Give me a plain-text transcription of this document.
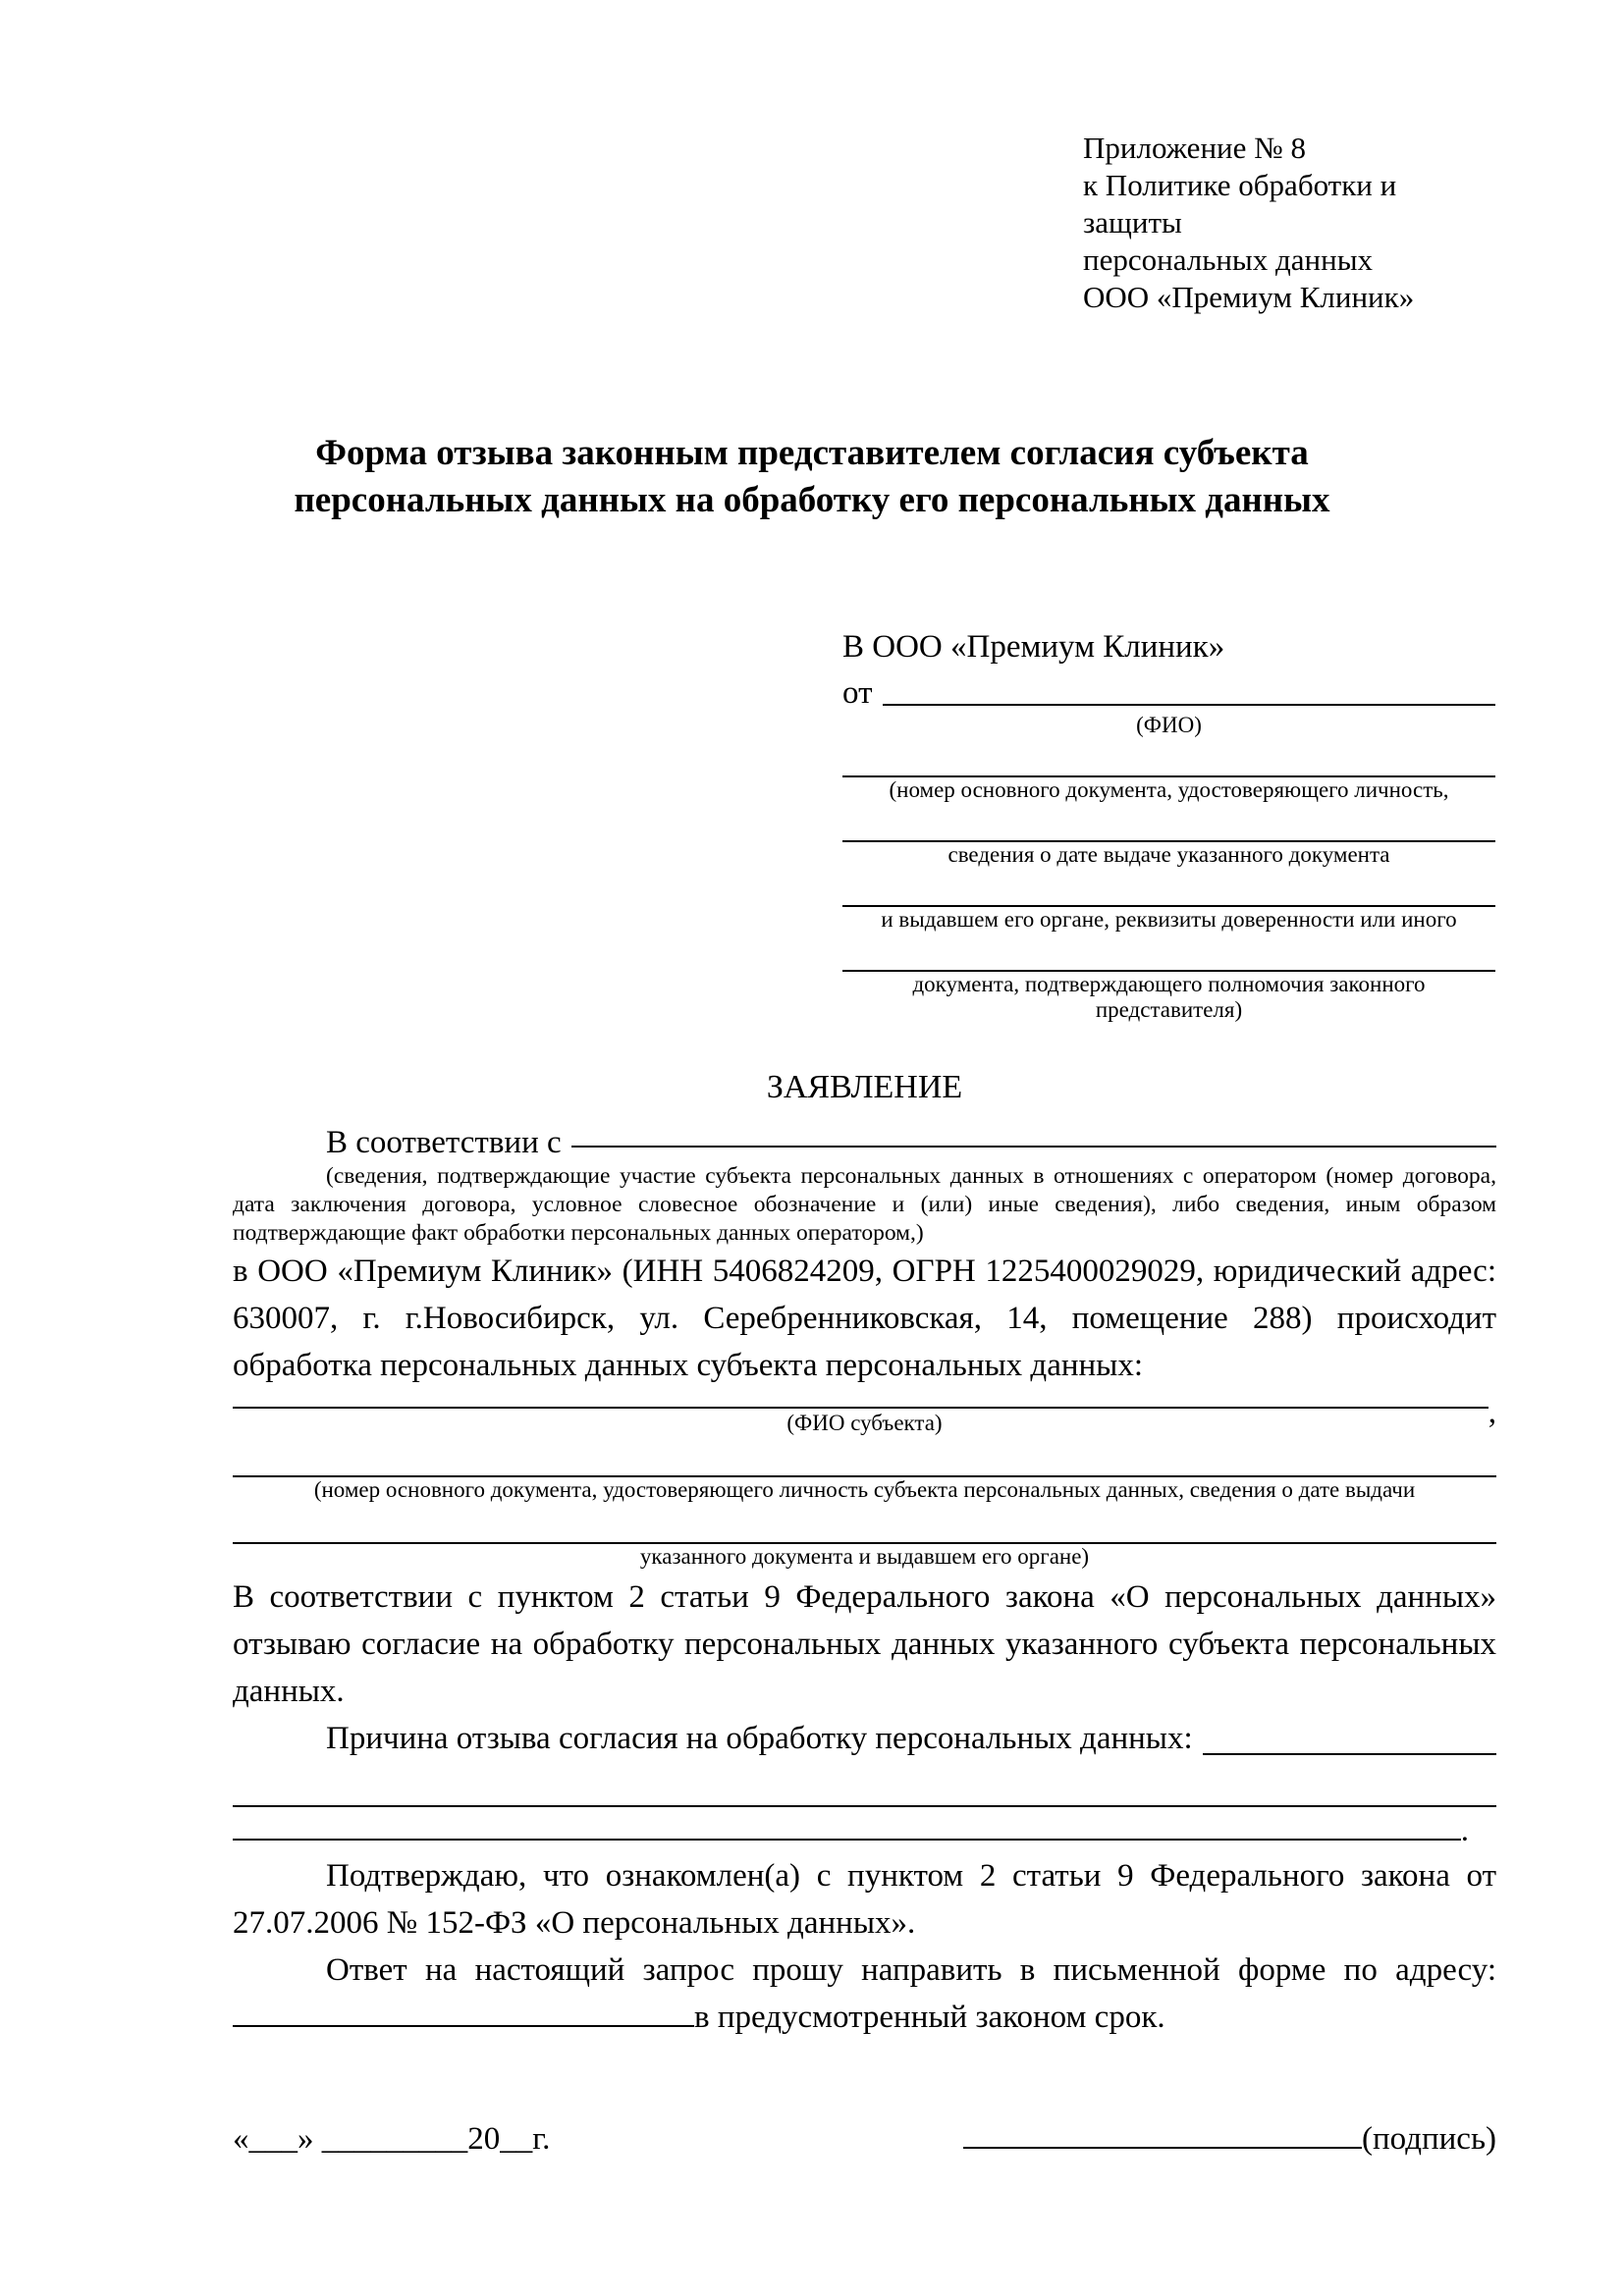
Приложение № 8
к Политике обработки и защиты
персональных данных
ООО «Премиум Клиник»
Форма отзыва законным представителем согласия субъекта
персональных данных на обработку его персональных данных
В ООО «Премиум Клиник»
от
(ФИО)
(номер основного документа, удостоверяющего личность,
сведения о дате выдаче указанного документа
и выдавшем его органе, реквизиты доверенности или иного
документа, подтверждающего полномочия законного представителя)
ЗАЯВЛЕНИЕ
В соответствии с
(сведения, подтверждающие участие субъекта персональных данных в отношениях с оператором (номер договора, дата заключения договора, условное словесное обозначение и (или) иные сведения), либо сведения, иным образом подтверждающие факт обработки персональных данных оператором,)

в ООО «Премиум Клиник» (ИНН 5406824209, ОГРН 1225400029029, юридический адрес: 630007, г. г.Новосибирск, ул. Серебренниковская, 14, помещение 288) происходит обработка персональных данных субъекта персональных данных:

,
(ФИО субъекта)
(номер основного документа, удостоверяющего личность субъекта персональных данных, сведения о дате выдачи
указанного документа и выдавшем его органе)

В соответствии с пунктом 2 статьи 9 Федерального закона «О персональных данных» отзываю согласие на обработку персональных данных указанного субъекта персональных данных.

Причина отзыва согласия на обработку персональных данных:
.

Подтверждаю, что ознакомлен(а) с пунктом 2 статьи 9 Федерального закона от 27.07.2006 № 152-ФЗ «О персональных данных».

Ответ на настоящий запрос прошу направить в письменной форме по адресу: в предусмотренный законом срок.

«___» _________20__г.	(подпись)
